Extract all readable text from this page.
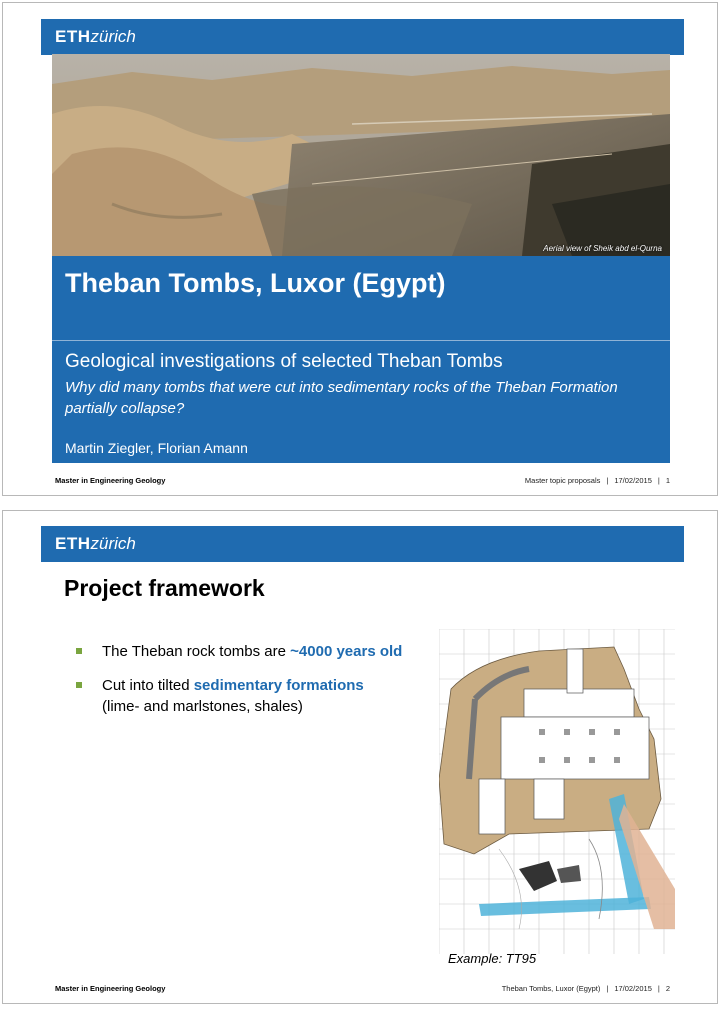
ETHzürich
Aerial view of Sheik abd el-Qurna
Theban Tombs, Luxor (Egypt)
Geological investigations of selected Theban Tombs
Why did many tombs that were cut into sedimentary rocks of the Theban Formation partially collapse?
Martin Ziegler, Florian Amann
Master in Engineering Geology	Master topic proposals | 17/02/2015 | 1
ETHzürich
Project framework
The Theban rock tombs are ~4000 years old
Cut into tilted sedimentary formations
(lime- and marlstones, shales)
Example: TT95
Master in Engineering Geology	Theban Tombs, Luxor (Egypt) | 17/02/2015 | 2
